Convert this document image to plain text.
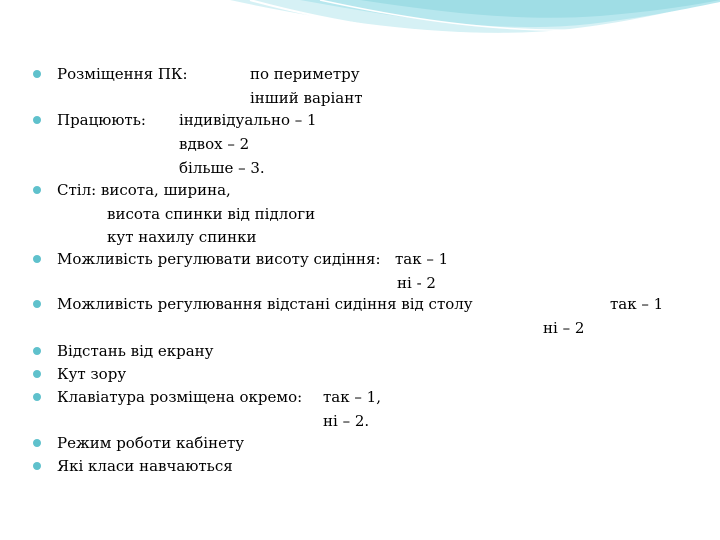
Розміщення ПК:	по периметру
інший варіант
Працюють: індивідуально – 1
вдвох – 2
більше – 3.
Стіл: висота, ширина,
висота спинки від підлоги
кут нахилу спинки
Можливість регулювати висоту сидіння: так – 1
ні - 2
Можливість регулювання відстані сидіння від столу	так – 1
ні – 2
Відстань від екрану
Кут зору
Клавіатура розміщена окремо: так – 1,
ні – 2.
Режим роботи кабінету
Які класи навчаються
